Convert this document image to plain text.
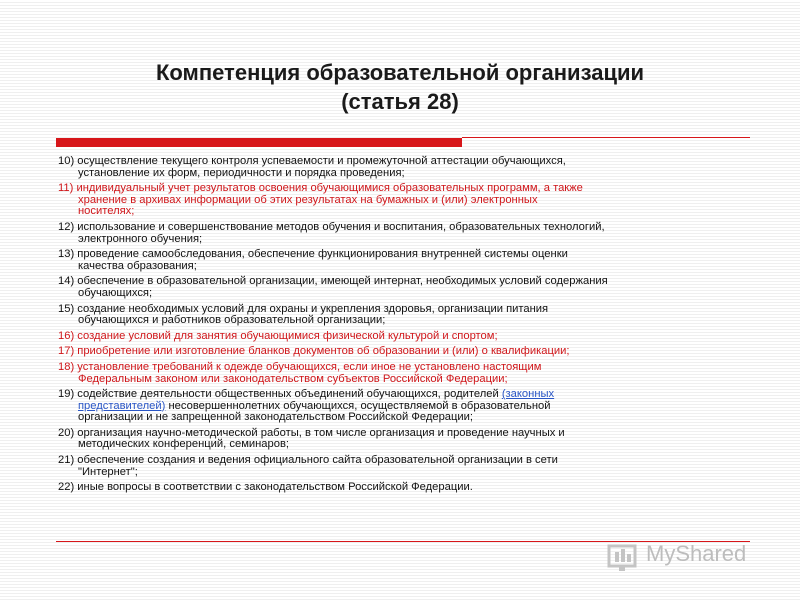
Компетенция образовательной организации
(статья 28)
10) осуществление текущего контроля успеваемости и промежуточной аттестации обучающихся,
установление их форм, периодичности и порядка проведения;
11) индивидуальный учет результатов освоения обучающимися образовательных программ, а также
хранение в архивах информации об этих результатах на бумажных и (или) электронных
носителях;
12) использование и совершенствование методов обучения и воспитания, образовательных технологий,
электронного обучения;
13) проведение самообследования, обеспечение функционирования внутренней системы оценки
качества образования;
14) обеспечение в образовательной организации, имеющей интернат, необходимых условий содержания
обучающихся;
15) создание необходимых условий для охраны и укрепления здоровья, организации питания
обучающихся и работников образовательной организации;
16) создание условий для занятия обучающимися физической культурой и спортом;
17) приобретение или изготовление бланков документов об образовании и (или) о квалификации;
18) установление требований к одежде обучающихся, если иное не установлено настоящим
Федеральным законом или законодательством субъектов Российской Федерации;
19) содействие деятельности общественных объединений обучающихся, родителей (законных
представителей) несовершеннолетних обучающихся, осуществляемой в образовательной
организации и не запрещенной законодательством Российской Федерации;
20) организация научно-методической работы, в том числе организация и проведение научных и
методических конференций, семинаров;
21) обеспечение создания и ведения официального сайта образовательной организации в сети
"Интернет";
22) иные вопросы в соответствии с законодательством Российской Федерации.
MyShared
